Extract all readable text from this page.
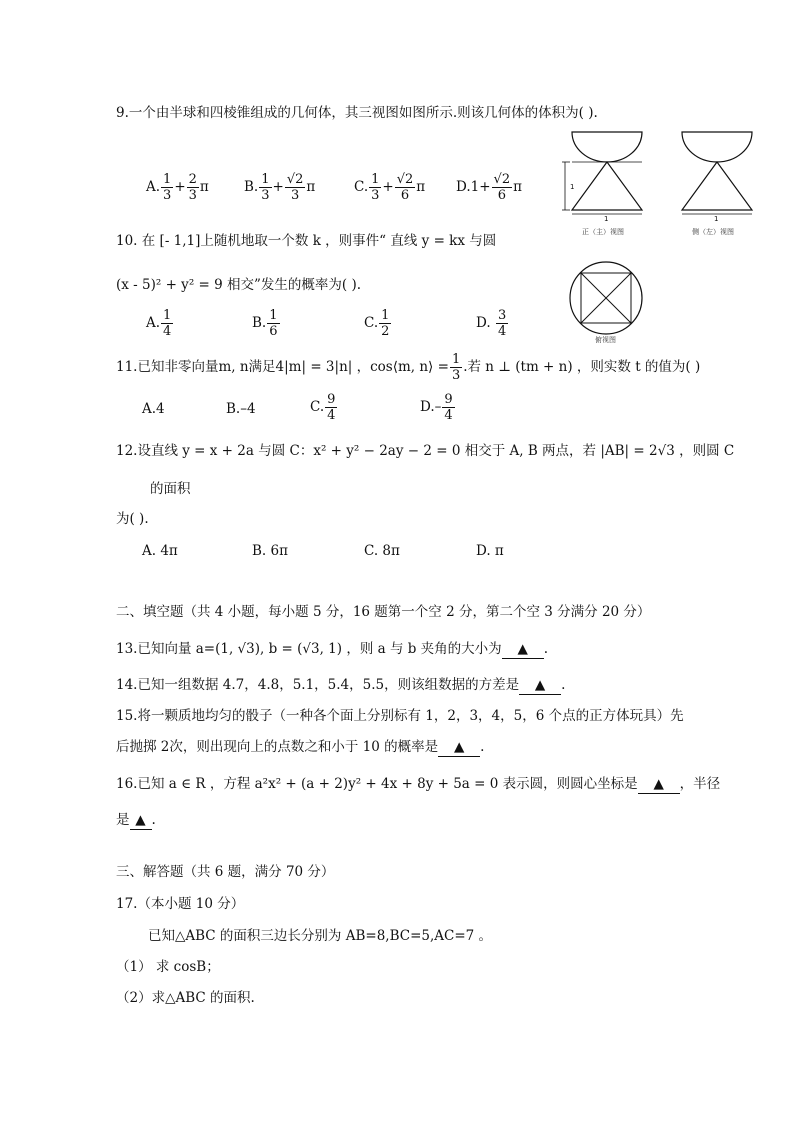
9.一个由半球和四棱锥组成的几何体，其三视图如图所示.则该几何体的体积为( ).
A. $\frac{1}{3} + \frac{2}{3}$ π	B. $\frac{1}{3} + \frac{√2}{3}$ π	C. $\frac{1}{3} + \frac{√2}{6}$ π $D.1+ \frac{√2}{6}$ π	1
1
正（主）视图
1
侧（左）视图
俯视图
10. 在 [- 1,1]上随机地取一个数 k ，则事件“ 直线 y = kx 与圆
(x - 5)² + y² = 9 相交”发生的概率为( ).
A. $\frac{1}{4}$	B. $\frac{1}{6}$	C. $\frac{1}{2}$	D. $\frac{3}{4}$
11.已知非零向量m, n满足4|m| = 3|n| ，cos⟨m, n⟩ = $\frac{1}{3}$ .若 n ⊥ (tm + n) ，则实数 t 的值为( )
A.4	B.–4	C. $\frac{9}{4}$	$D.- \frac{9}{4}$
12.设直线 y = x + 2a 与圆 C：x² + y² − 2ay − 2 = 0 相交于 A, B 两点，若 |AB| = 2√3 ，则圆 C
的面积
为( ).
A. 4π	B. 6π	C. 8π	D. π
二、填空题（共 4 小题，每小题 5 分，16 题第一个空 2 分，第二个空 3 分满分 20 分）
13.已知向量 a=(1, √3), b = (√3, 1) ，则 a 与 b 夹角的大小为 ▲ .
14.已知一组数据 4.7，4.8，5.1，5.4，5.5，则该组数据的方差是 ▲ .
15.将一颗质地均匀的骰子（一种各个面上分别标有 1，2，3，4，5，6 个点的正方体玩具）先
后抛掷 2次，则出现向上的点数之和小于 10 的概率是 ▲ .
16.已知 a ∈ R ，方程 a²x² + (a + 2)y² + 4x + 8y + 5a = 0 表示圆，则圆心坐标是 ▲ ，半径
是 ▲ .
三、解答题（共 6 题，满分 70 分）
17.（本小题 10 分）
已知△ABC 的面积三边长分别为 AB=8,BC=5,AC=7 。
（1） 求 cosB；
（2）求△ABC 的面积.
